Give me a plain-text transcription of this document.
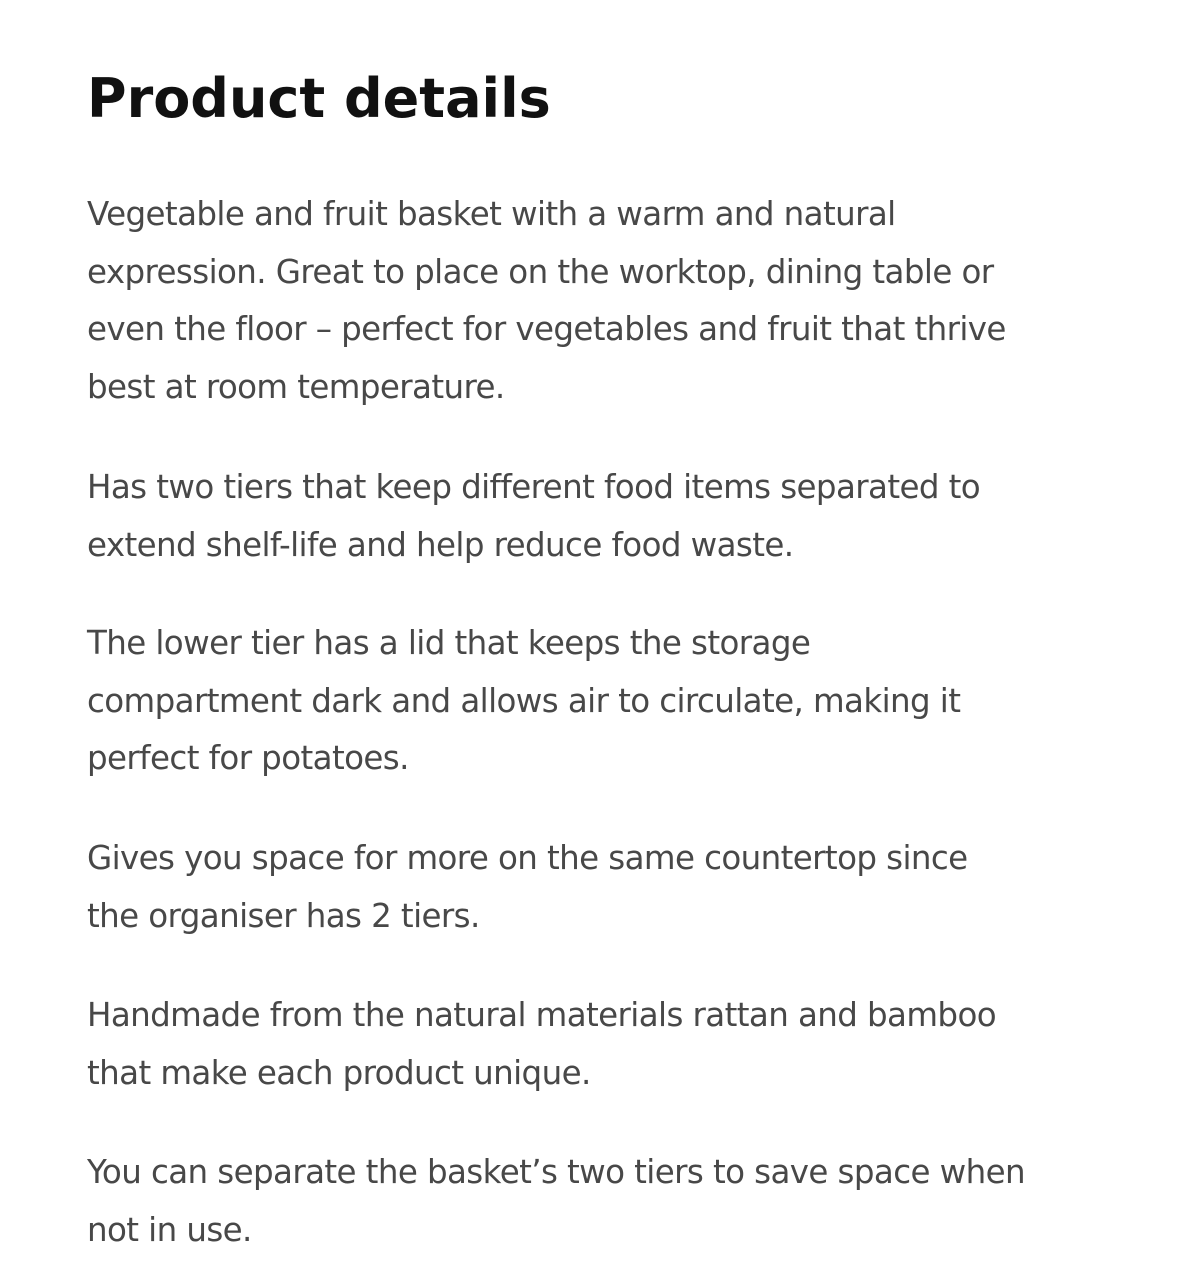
Product details

Vegetable and fruit basket with a warm and natural
expression. Great to place on the worktop, dining table or
even the floor – perfect for vegetables and fruit that thrive
best at room temperature.

Has two tiers that keep different food items separated to
extend shelf-life and help reduce food waste.

The lower tier has a lid that keeps the storage
compartment dark and allows air to circulate, making it
perfect for potatoes.

Gives you space for more on the same countertop since
the organiser has 2 tiers.

Handmade from the natural materials rattan and bamboo
that make each product unique.

You can separate the basket’s two tiers to save space when
not in use.
